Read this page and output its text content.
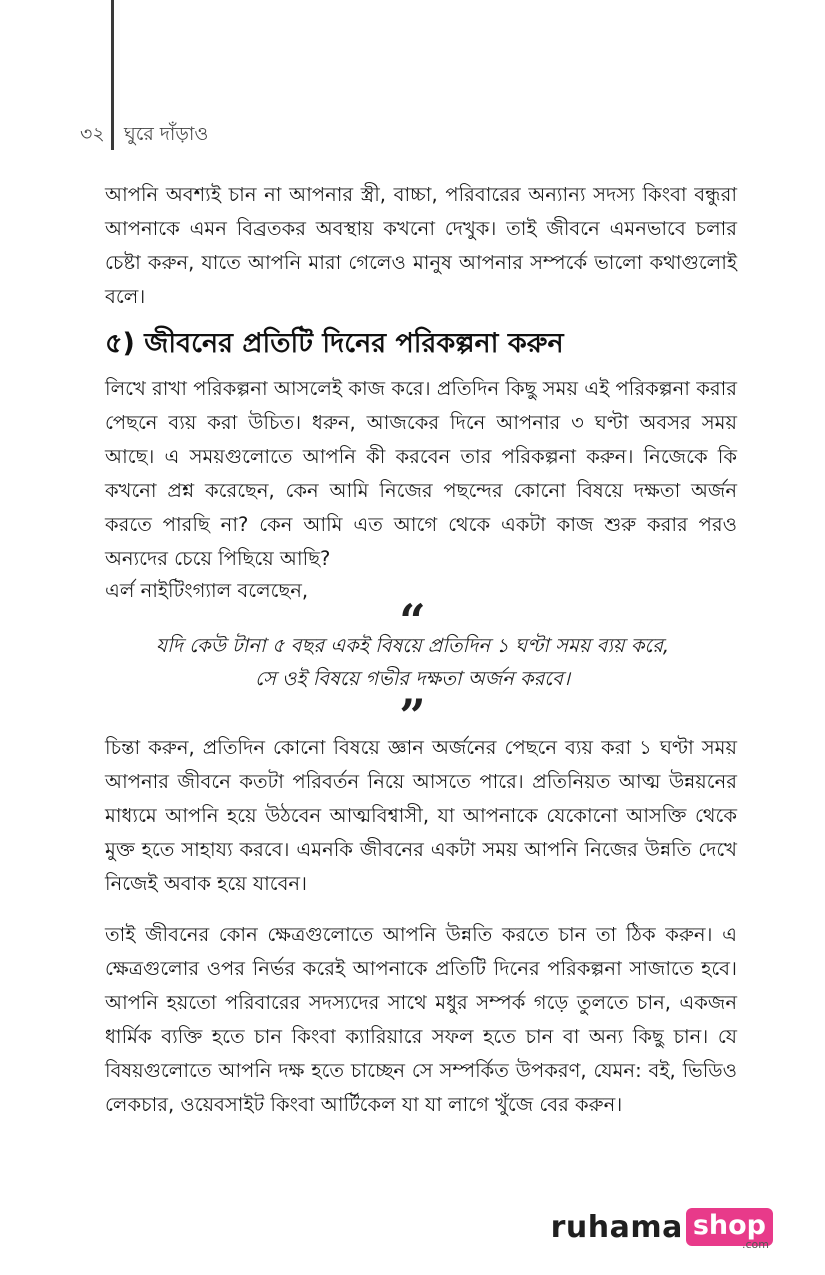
৩২ ঘুরে দাঁড়াও

আপনি অবশ্যই চান না আপনার স্ত্রী, বাচ্চা, পরিবারের অন্যান্য সদস্য কিংবা বন্ধুরা আপনাকে এমন বিব্রতকর অবস্থায় কখনো দেখুক। তাই জীবনে এমনভাবে চলার চেষ্টা করুন, যাতে আপনি মারা গেলেও মানুষ আপনার সম্পর্কে ভালো কথাগুলোই বলে।

৫) জীবনের প্রতিটি দিনের পরিকল্পনা করুন

লিখে রাখা পরিকল্পনা আসলেই কাজ করে। প্রতিদিন কিছু সময় এই পরিকল্পনা করার পেছনে ব্যয় করা উচিত। ধরুন, আজকের দিনে আপনার ৩ ঘণ্টা অবসর সময় আছে। এ সময়গুলোতে আপনি কী করবেন তার পরিকল্পনা করুন। নিজেকে কি কখনো প্রশ্ন করেছেন, কেন আমি নিজের পছন্দের কোনো বিষয়ে দক্ষতা অর্জন করতে পারছি না? কেন আমি এত আগে থেকে একটা কাজ শুরু করার পরও অন্যদের চেয়ে পিছিয়ে আছি?

এর্ল নাইটিংগ্যাল বলেছেন,
“
যদি কেউ টানা ৫ বছর একই বিষয়ে প্রতিদিন ১ ঘণ্টা সময় ব্যয় করে,
সে ওই বিষয়ে গভীর দক্ষতা অর্জন করবে।
”

চিন্তা করুন, প্রতিদিন কোনো বিষয়ে জ্ঞান অর্জনের পেছনে ব্যয় করা ১ ঘণ্টা সময় আপনার জীবনে কতটা পরিবর্তন নিয়ে আসতে পারে। প্রতিনিয়ত আত্ম উন্নয়নের মাধ্যমে আপনি হয়ে উঠবেন আত্মবিশ্বাসী, যা আপনাকে যেকোনো আসক্তি থেকে মুক্ত হতে সাহায্য করবে। এমনকি জীবনের একটা সময় আপনি নিজের উন্নতি দেখে নিজেই অবাক হয়ে যাবেন।

তাই জীবনের কোন ক্ষেত্রগুলোতে আপনি উন্নতি করতে চান তা ঠিক করুন। এ ক্ষেত্রগুলোর ওপর নির্ভর করেই আপনাকে প্রতিটি দিনের পরিকল্পনা সাজাতে হবে। আপনি হয়তো পরিবারের সদস্যদের সাথে মধুর সম্পর্ক গড়ে তুলতে চান, একজন ধার্মিক ব্যক্তি হতে চান কিংবা ক্যারিয়ারে সফল হতে চান বা অন্য কিছু চান। যে বিষয়গুলোতে আপনি দক্ষ হতে চাচ্ছেন সে সম্পর্কিত উপকরণ, যেমন: বই, ভিডিও লেকচার, ওয়েবসাইট কিংবা আর্টিকেল যা যা লাগে খুঁজে বের করুন।

ruhama shop
.com
